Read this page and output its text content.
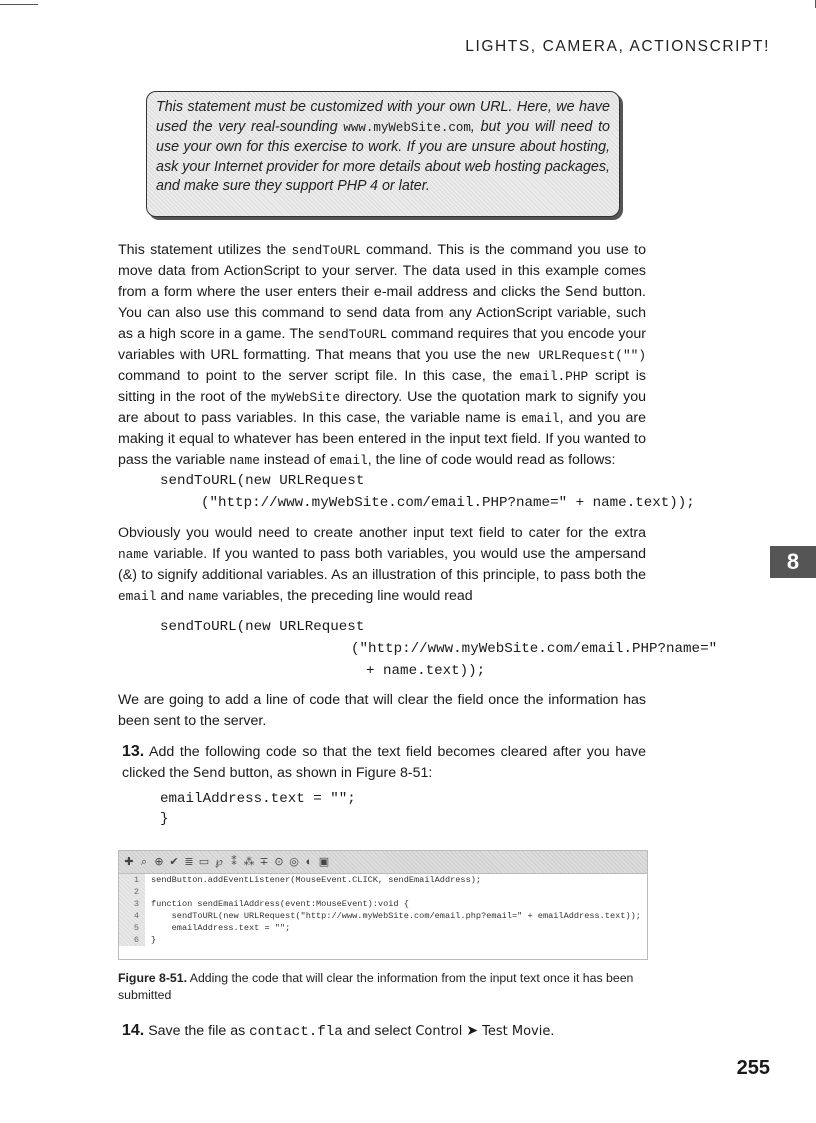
LIGHTS, CAMERA, ACTIONSCRIPT!
This statement must be customized with your own URL. Here, we have used the very real-sounding www.myWebSite.com, but you will need to use your own for this exercise to work. If you are unsure about hosting, ask your Internet provider for more details about web hosting packages, and make sure they support PHP 4 or later.
This statement utilizes the sendToURL command. This is the command you use to move data from ActionScript to your server. The data used in this example comes from a form where the user enters their e-mail address and clicks the Send button. You can also use this command to send data from any ActionScript variable, such as a high score in a game. The sendToURL command requires that you encode your variables with URL formatting. That means that you use the new URLRequest("") command to point to the server script file. In this case, the email.PHP script is sitting in the root of the myWebSite directory. Use the quotation mark to signify you are about to pass variables. In this case, the variable name is email, and you are making it equal to whatever has been entered in the input text field. If you wanted to pass the variable name instead of email, the line of code would read as follows:
sendToURL(new URLRequest
("http://www.myWebSite.com/email.PHP?name=" + name.text));
Obviously you would need to create another input text field to cater for the extra name variable. If you wanted to pass both variables, you would use the ampersand (&) to signify additional variables. As an illustration of this principle, to pass both the email and name variables, the preceding line would read
8
sendToURL(new URLRequest
("http://www.myWebSite.com/email.PHP?name="
+ name.text));
We are going to add a line of code that will clear the field once the information has been sent to the server.
13. Add the following code so that the text field becomes cleared after you have clicked the Send button, as shown in Figure 8-51:
emailAddress.text = "";
}
✚ ⌕ ⊕ ✔ ≣ ▭ ℘ ⁑ ⁂ ∓ ⊙ ◎ ◐ ▣
1
2
3
4
5
6
sendButton.addEventListener(MouseEvent.CLICK, sendEmailAddress);
function sendEmailAddress(event:MouseEvent):void {
sendToURL(new URLRequest("http://www.myWebSite.com/email.php?email=" + emailAddress.text));
emailAddress.text = "";
}
Figure 8-51. Adding the code that will clear the information from the input text once it has been submitted
14. Save the file as contact.fla and select Control ➤ Test Movie.
255
